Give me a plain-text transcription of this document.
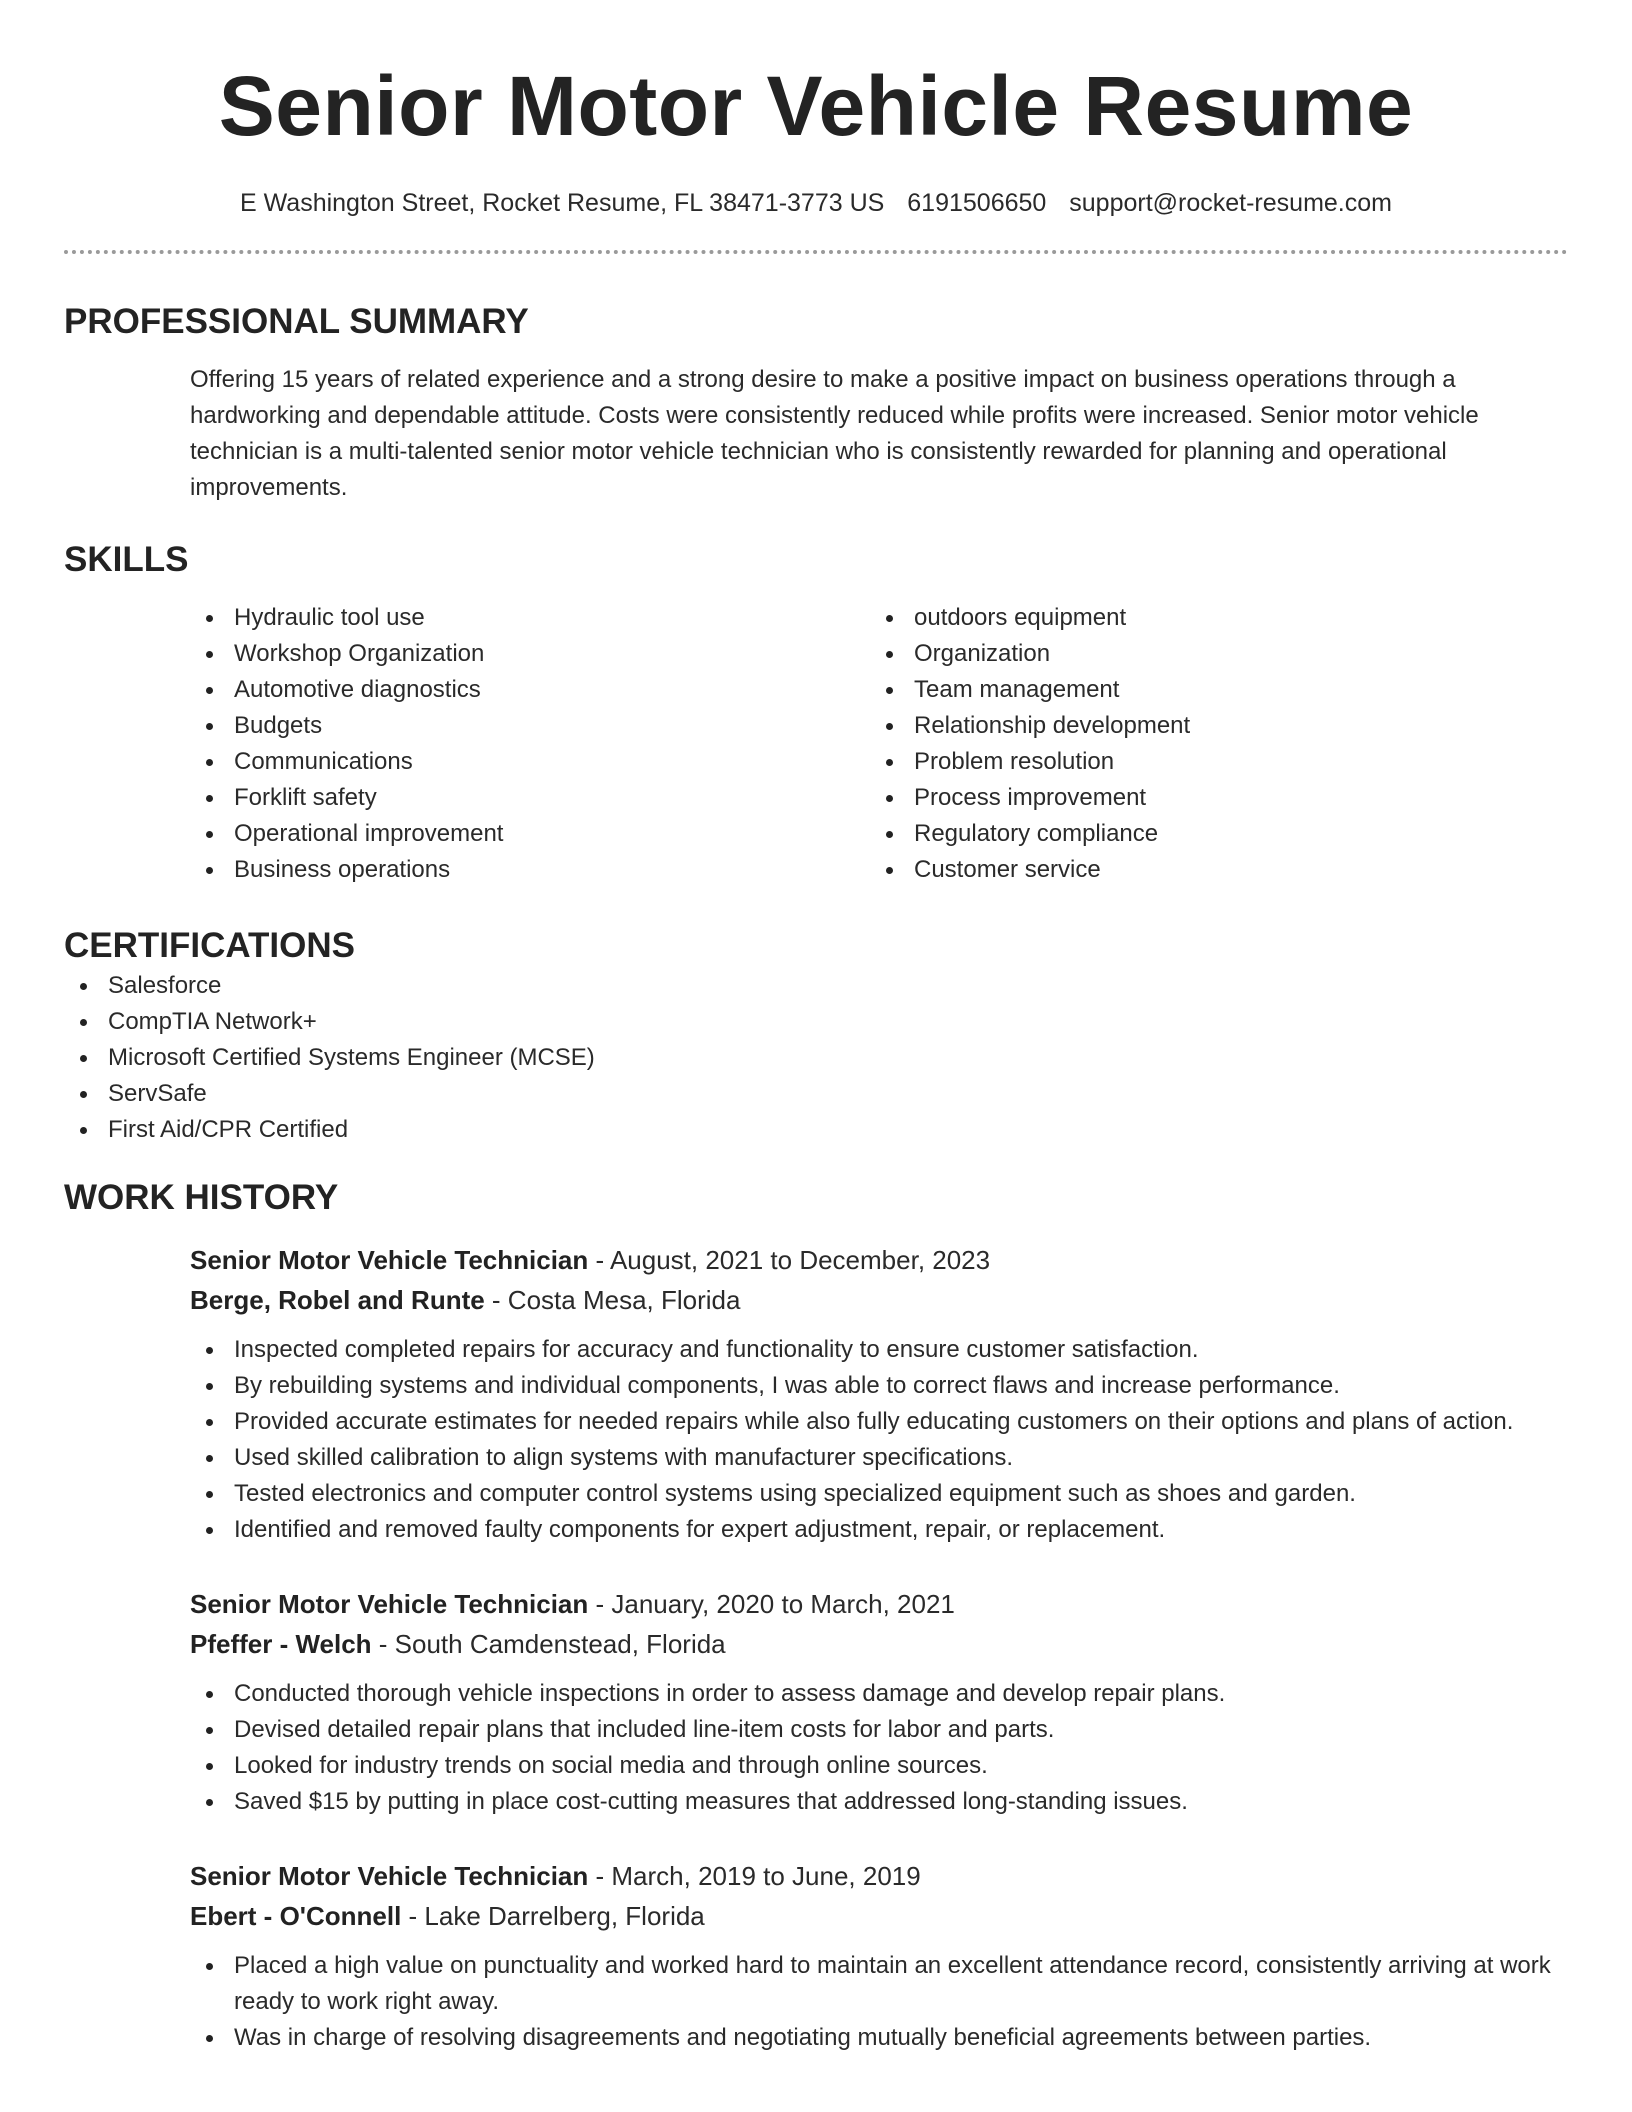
Senior Motor Vehicle Resume
E Washington Street, Rocket Resume, FL 38471-3773 US 6191506650 support@rocket-resume.com
PROFESSIONAL SUMMARY

Offering 15 years of related experience and a strong desire to make a positive impact on business operations through a hardworking and dependable attitude. Costs were consistently reduced while profits were increased. Senior motor vehicle technician is a multi-talented senior motor vehicle technician who is consistently rewarded for planning and operational improvements.

SKILLS
Hydraulic tool use
Workshop Organization
Automotive diagnostics
Budgets
Communications
Forklift safety
Operational improvement
Business operations
outdoors equipment
Organization
Team management
Relationship development
Problem resolution
Process improvement
Regulatory compliance
Customer service
CERTIFICATIONS
Salesforce
CompTIA Network+
Microsoft Certified Systems Engineer (MCSE)
ServSafe
First Aid/CPR Certified
WORK HISTORY
Senior Motor Vehicle Technician - August, 2021 to December, 2023
Berge, Robel and Runte - Costa Mesa, Florida
Inspected completed repairs for accuracy and functionality to ensure customer satisfaction.
By rebuilding systems and individual components, I was able to correct flaws and increase performance.
Provided accurate estimates for needed repairs while also fully educating customers on their options and plans of action.
Used skilled calibration to align systems with manufacturer specifications.
Tested electronics and computer control systems using specialized equipment such as shoes and garden.
Identified and removed faulty components for expert adjustment, repair, or replacement.
Senior Motor Vehicle Technician - January, 2020 to March, 2021
Pfeffer - Welch - South Camdenstead, Florida
Conducted thorough vehicle inspections in order to assess damage and develop repair plans.
Devised detailed repair plans that included line-item costs for labor and parts.
Looked for industry trends on social media and through online sources.
Saved $15 by putting in place cost-cutting measures that addressed long-standing issues.
Senior Motor Vehicle Technician - March, 2019 to June, 2019
Ebert - O'Connell - Lake Darrelberg, Florida
Placed a high value on punctuality and worked hard to maintain an excellent attendance record, consistently arriving at work ready to work right away.
Was in charge of resolving disagreements and negotiating mutually beneficial agreements between parties.
